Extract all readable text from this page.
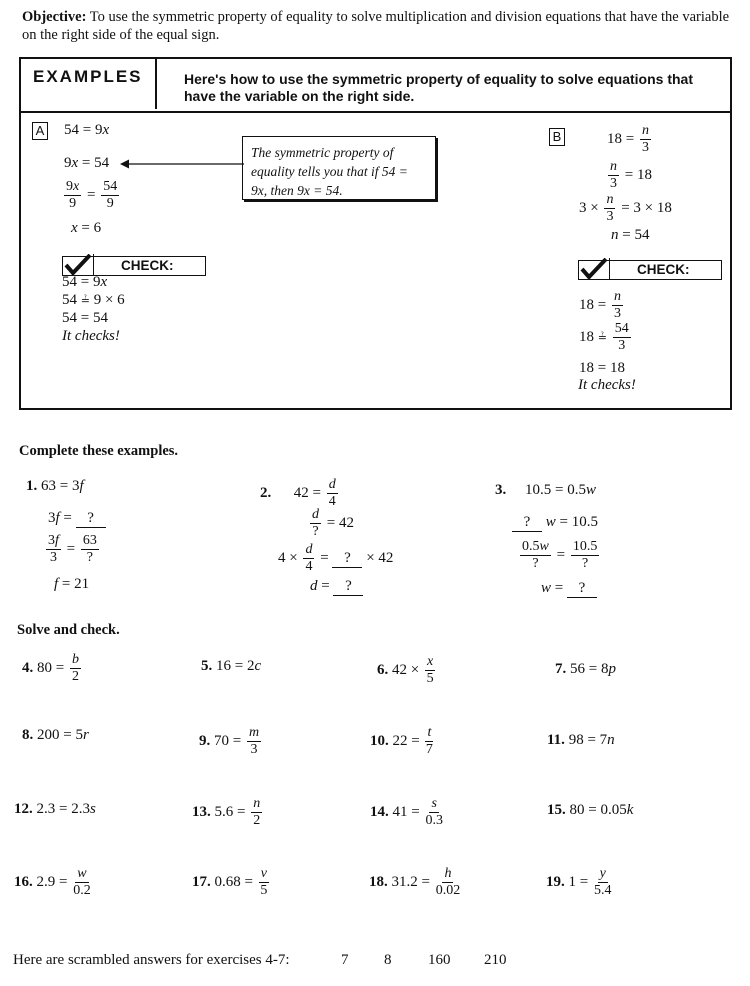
Objective: To use the symmetric property of equality to solve multiplication and division equations that have the variable on the right side of the equal sign.
EXAMPLES	Here's how to use the symmetric property of equality to solve equations that have the variable on the right side.
A 54 = 9x
9x = 54
$\frac{9x}{9} = \frac{54}{9}$
x = 6
The symmetric property of equality tells you that if 54 = 9x, then 9x = 54.
CHECK:
54 = 9x
54 ≟ 9 × 6
54 = 54
It checks!
B	$18 = \frac{n}{3}$
$\frac{n}{3} = 18$
$3 \times \frac{n}{3} = 3 \times 18$
n = 54
CHECK:
$18 = \frac{n}{3}$
18 ≟ $\frac{54}{3}$
18 = 18
It checks!
Complete these examples.
1. 63 = 3f
3f = ?
$\frac{3f}{3} = \frac{63}{?}$
f = 21
2.      $42 = \frac{d}{4}$
$\frac{d}{?} = 42$
$4 \times \frac{d}{4}$ = ? × 42
d = ?
3.     10.5 = 0.5w
? w = 10.5
$\frac{0.5w}{?} = \frac{10.5}{?}$
w = ?
Solve and check.
4. $80 = \frac{b}{2}$	5. 16 = 2c	6. $42 \times \frac{x}{5}$	7. 56 = 8p
8. 200 = 5r	9. $70 = \frac{m}{3}$	10. $22 = \frac{t}{7}$	11. 98 = 7n
12. 2.3 = 2.3s	13. $5.6 = \frac{n}{2}$	14. $41 = \frac{s}{0.3}$	15. 80 = 0.05k
16. $2.9 = \frac{w}{0.2}$	17. $0.68 = \frac{v}{5}$	18. $31.2 = \frac{h}{0.02}$	19. $1 = \frac{y}{5.4}$
Here are scrambled answers for exercises 4-7:	7 8 160 210
